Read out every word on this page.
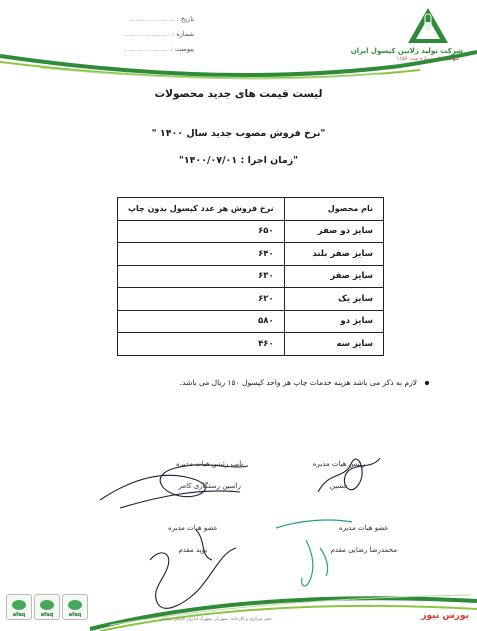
تاریخ : ......................
شماره : ......................
پیوست : ......................	شرکت تولید ژلاتین کپسول ایران
سهامی عام شماره ثبت: ۱۱۵۶
لیست قیمت های جدید محصولات
"نرخ فروش مصوب جدید سال ۱۴۰۰ "
"زمان اجرا : ۱۴۰۰/۰۷/۰۱"
نام محصول	نرخ فروش هر عدد کپسول بدون چاپ
سایز دو صفر	۶۵۰
سایز صفر بلند	۶۴۰
سایز صفر	۶۳۰
سایز یک	۶۲۰
سایز دو	۵۸۰
سایز سه	۴۶۰
لازم به ذکر می باشد هزینه خدمات چاپ هر واحد کپسول ۱۵۰ ریال می باشد.
رئیس هیات مدیره
حسین
نایب رئیس هیات مدیره
راسین رستگاری کامر
عضو هیات مدیره
محمدرضا رضایی مقدم
عضو هیات مدیره
نوید مقدم
دفتر مرکزی و کارخانه: شهریار، شهرک اداری، خیابان دیلمان
afaq	afaq	afaq	بورس نیوز
